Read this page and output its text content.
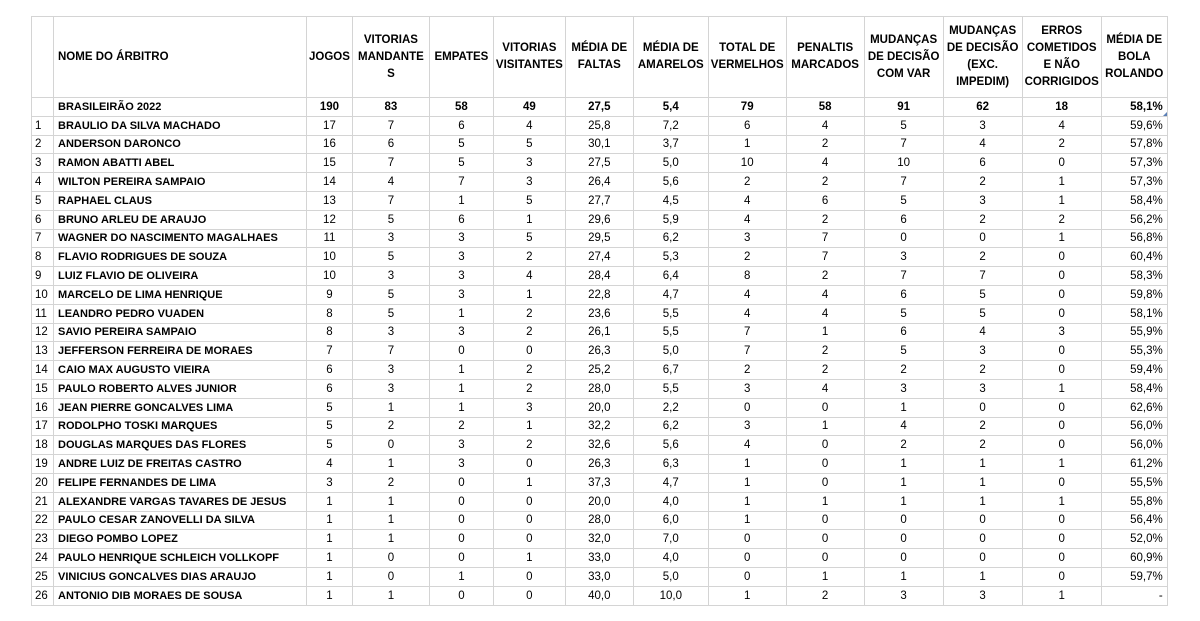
	NOME DO ÁRBITRO	JOGOS	VITORIAS MANDANTE S	EMPATES	VITORIAS VISITANTES	MÉDIA DE FALTAS	MÉDIA DE AMARELOS	TOTAL DE VERMELHOS	PENALTIS MARCADOS	MUDANÇAS DE DECISÃO COM VAR	MUDANÇAS DE DECISÃO (EXC. IMPEDIM)	ERROS COMETIDOS E NÃO CORRIGIDOS	MÉDIA DE BOLA ROLANDO
	BRASILEIRÃO 2022	190	83	58	49	27,5	5,4	79	58	91	62	18	58,1%

1	BRAULIO DA SILVA MACHADO	17	7	6	4	25,8	7,2	6	4	5	3	4	59,6%
2	ANDERSON DARONCO	16	6	5	5	30,1	3,7	1	2	7	4	2	57,8%
3	RAMON ABATTI ABEL	15	7	5	3	27,5	5,0	10	4	10	6	0	57,3%
4	WILTON PEREIRA SAMPAIO	14	4	7	3	26,4	5,6	2	2	7	2	1	57,3%
5	RAPHAEL CLAUS	13	7	1	5	27,7	4,5	4	6	5	3	1	58,4%
6	BRUNO ARLEU DE ARAUJO	12	5	6	1	29,6	5,9	4	2	6	2	2	56,2%
7	WAGNER DO NASCIMENTO MAGALHAES	11	3	3	5	29,5	6,2	3	7	0	0	1	56,8%
8	FLAVIO RODRIGUES DE SOUZA	10	5	3	2	27,4	5,3	2	7	3	2	0	60,4%
9	LUIZ FLAVIO DE OLIVEIRA	10	3	3	4	28,4	6,4	8	2	7	7	0	58,3%
10	MARCELO DE LIMA HENRIQUE	9	5	3	1	22,8	4,7	4	4	6	5	0	59,8%
11	LEANDRO PEDRO VUADEN	8	5	1	2	23,6	5,5	4	4	5	5	0	58,1%
12	SAVIO PEREIRA SAMPAIO	8	3	3	2	26,1	5,5	7	1	6	4	3	55,9%
13	JEFFERSON FERREIRA DE MORAES	7	7	0	0	26,3	5,0	7	2	5	3	0	55,3%
14	CAIO MAX AUGUSTO VIEIRA	6	3	1	2	25,2	6,7	2	2	2	2	0	59,4%
15	PAULO ROBERTO ALVES JUNIOR	6	3	1	2	28,0	5,5	3	4	3	3	1	58,4%
16	JEAN PIERRE GONCALVES LIMA	5	1	1	3	20,0	2,2	0	0	1	0	0	62,6%
17	RODOLPHO TOSKI MARQUES	5	2	2	1	32,2	6,2	3	1	4	2	0	56,0%
18	DOUGLAS MARQUES DAS FLORES	5	0	3	2	32,6	5,6	4	0	2	2	0	56,0%
19	ANDRE LUIZ DE FREITAS CASTRO	4	1	3	0	26,3	6,3	1	0	1	1	1	61,2%
20	FELIPE FERNANDES DE LIMA	3	2	0	1	37,3	4,7	1	0	1	1	0	55,5%
21	ALEXANDRE VARGAS TAVARES DE JESUS	1	1	0	0	20,0	4,0	1	1	1	1	1	55,8%
22	PAULO CESAR ZANOVELLI DA SILVA	1	1	0	0	28,0	6,0	1	0	0	0	0	56,4%
23	DIEGO POMBO LOPEZ	1	1	0	0	32,0	7,0	0	0	0	0	0	52,0%
24	PAULO HENRIQUE SCHLEICH VOLLKOPF	1	0	0	1	33,0	4,0	0	0	0	0	0	60,9%
25	VINICIUS GONCALVES DIAS ARAUJO	1	0	1	0	33,0	5,0	0	1	1	1	0	59,7%
26	ANTONIO DIB MORAES DE SOUSA	1	1	0	0	40,0	10,0	1	2	3	3	1	-
